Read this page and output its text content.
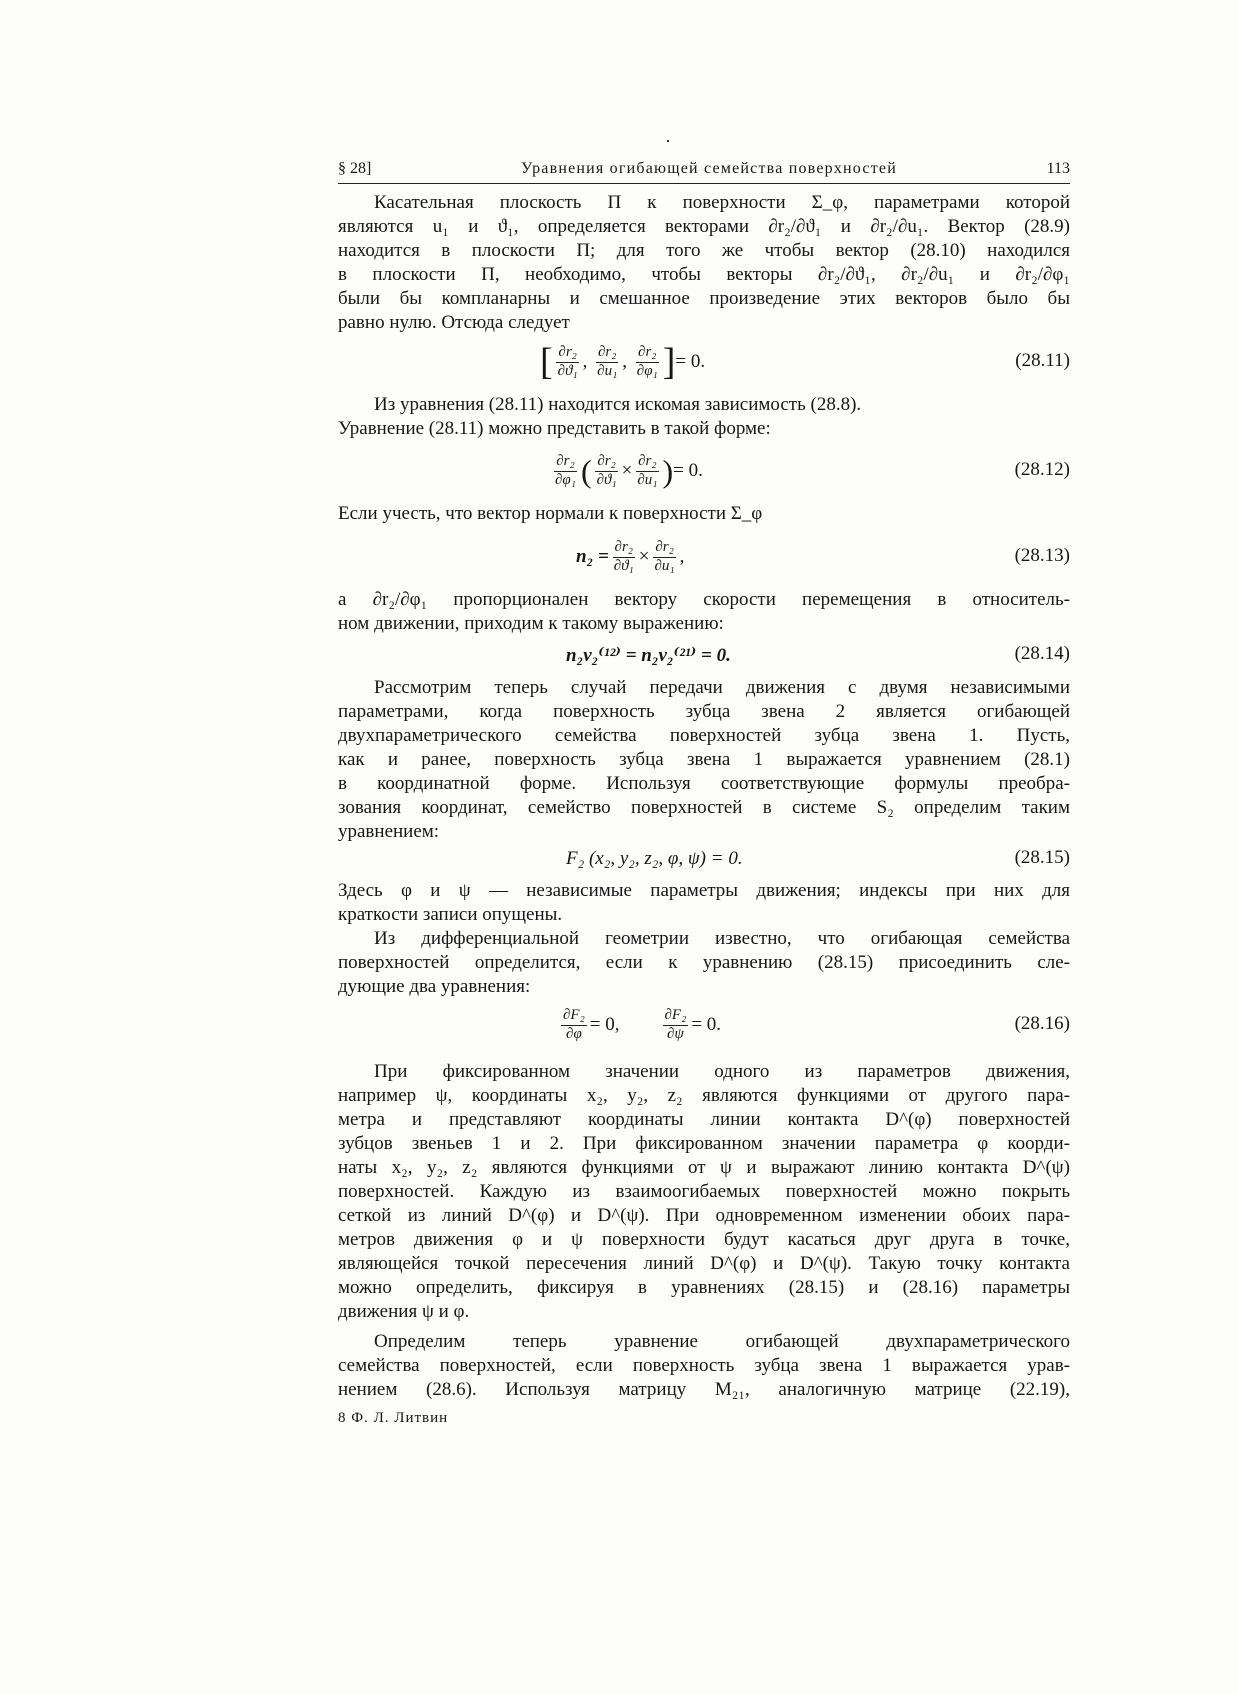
§ 28]	Уравнения огибающей семейства поверхностей	113
Касательная плоскость П к поверхности Σ_φ, параметрами которой
являются u₁ и ϑ₁, определяется векторами ∂r₂/∂ϑ₁ и ∂r₂/∂u₁. Вектор (28.9)
находится в плоскости П; для того же чтобы вектор (28.10) находился
в плоскости П, необходимо, чтобы векторы ∂r₂/∂ϑ₁, ∂r₂/∂u₁ и ∂r₂/∂φ₁
были бы компланарны и смешанное произведение этих векторов было бы
равно нулю. Отсюда следует
[ $\frac{\text{∂r₂}}{\text{∂ϑ₁}}$ , $\frac{\text{∂r₂}}{\text{∂u₁}}$ , $\frac{\text{∂r₂}}{\text{∂φ₁}}$ ] = 0.	(28.11)
Из уравнения (28.11) находится искомая зависимость (28.8).
Уравнение (28.11) можно представить в такой форме:
$\frac{\text{∂r₂}}{\text{∂φ₁}}$ ( $\frac{\text{∂r₂}}{\text{∂ϑ₁}} \times \frac{\text{∂r₂}}{\text{∂u₁}}$ ) = 0.	(28.12)
Если учесть, что вектор нормали к поверхности Σ_φ
$n_2 = \frac{\text{∂r₂}}{\text{∂ϑ₁}} \times \frac{\text{∂r₂}}{\text{∂u₁}}$ ,	(28.13)
а ∂r₂/∂φ₁ пропорционален вектору скорости перемещения в относитель-
ном движении, приходим к такому выражению:
n₂v₂⁽¹²⁾ = n₂v₂⁽²¹⁾ = 0.	(28.14)
Рассмотрим теперь случай передачи движения с двумя независимыми
параметрами, когда поверхность зубца звена 2 является огибающей
двухпараметрического семейства поверхностей зубца звена 1. Пусть,
как и ранее, поверхность зубца звена 1 выражается уравнением (28.1)
в координатной форме. Используя соответствующие формулы преобра-
зования координат, семейство поверхностей в системе S₂ определим таким
уравнением:
F₂ (x₂, y₂, z₂, φ, ψ) = 0.	(28.15)
Здесь φ и ψ — независимые параметры движения; индексы при них для
краткости записи опущены.
Из дифференциальной геометрии известно, что огибающая семейства
поверхностей определится, если к уравнению (28.15) присоединить сле-
дующие два уравнения:
$\frac{\text{∂F₂}}{\partial\varphi} = 0$,	$\frac{\text{∂F₂}}{\partial\psi} = 0$.	(28.16)
При фиксированном значении одного из параметров движения,
например ψ, координаты x₂, y₂, z₂ являются функциями от другого пара-
метра и представляют координаты линии контакта D^(φ) поверхностей
зубцов звеньев 1 и 2. При фиксированном значении параметра φ коорди-
наты x₂, y₂, z₂ являются функциями от ψ и выражают линию контакта D^(ψ)
поверхностей. Каждую из взаимоогибаемых поверхностей можно покрыть
сеткой из линий D^(φ) и D^(ψ). При одновременном изменении обоих пара-
метров движения φ и ψ поверхности будут касаться друг друга в точке,
являющейся точкой пересечения линий D^(φ) и D^(ψ). Такую точку контакта
можно определить, фиксируя в уравнениях (28.15) и (28.16) параметры
движения ψ и φ.
Определим теперь уравнение огибающей двухпараметрического
семейства поверхностей, если поверхность зубца звена 1 выражается урав-
нением (28.6). Используя матрицу M₂₁, аналогичную матрице (22.19),
8 Ф. Л. Литвин
